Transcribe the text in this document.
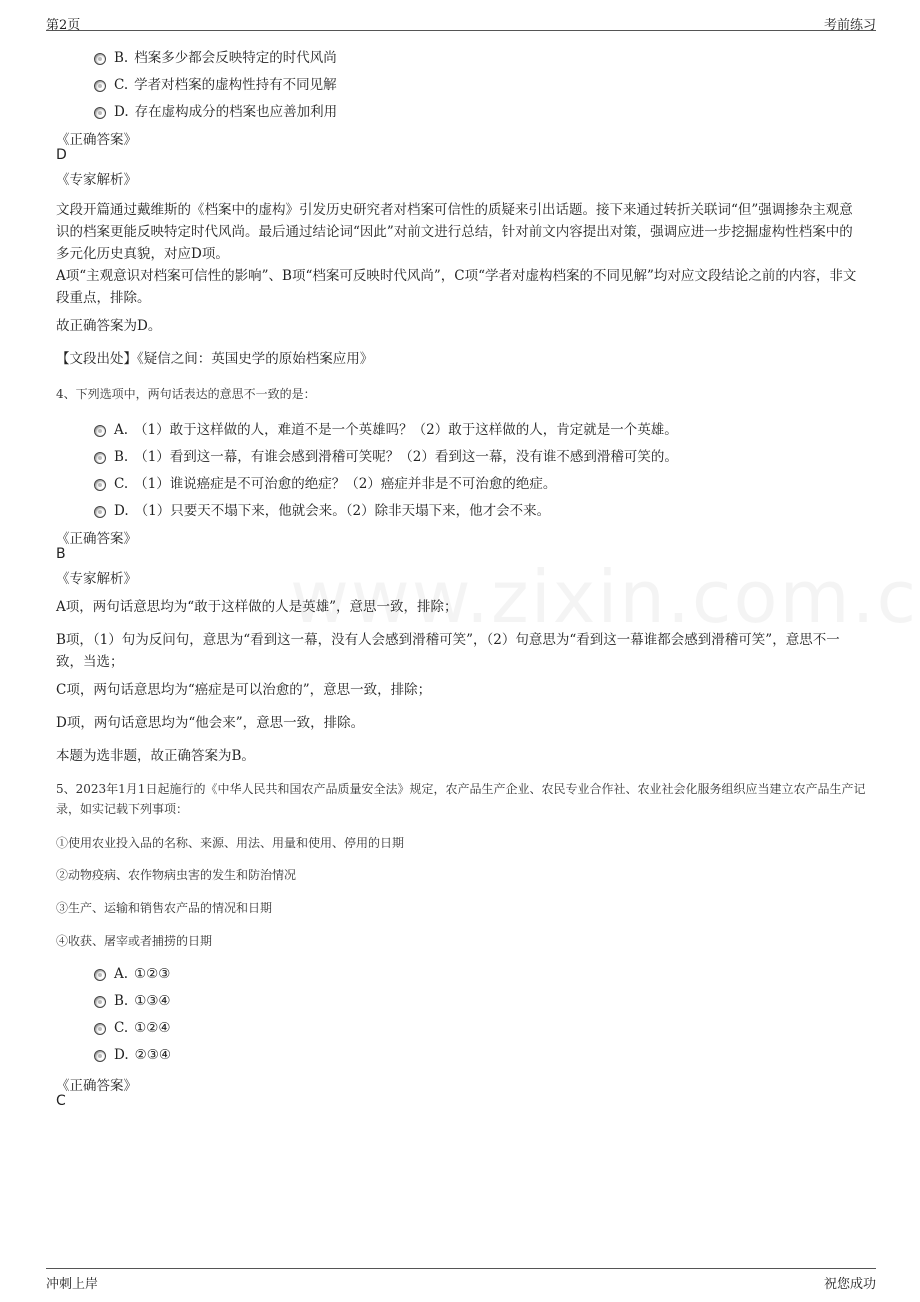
第2页	考前练习
B. 档案多少都会反映特定的时代风尚
C. 学者对档案的虚构性持有不同见解
D. 存在虚构成分的档案也应善加利用
《正确答案》
D
《专家解析》
文段开篇通过戴维斯的《档案中的虚构》引发历史研究者对档案可信性的质疑来引出话题。接下来通过转折关联词“但”强调掺杂主观意识的档案更能反映特定时代风尚。最后通过结论词“因此”对前文进行总结，针对前文内容提出对策，强调应进一步挖掘虚构性档案中的多元化历史真貌，对应D项。
A项“主观意识对档案可信性的影响”、B项“档案可反映时代风尚”，C项“学者对虚构档案的不同见解”均对应文段结论之前的内容，非文段重点，排除。
故正确答案为D。
【文段出处】《疑信之间：英国史学的原始档案应用》
4、下列选项中，两句话表达的意思不一致的是：
A. （1）敢于这样做的人，难道不是一个英雄吗？（2）敢于这样做的人，肯定就是一个英雄。
B. （1）看到这一幕，有谁会感到滑稽可笑呢？（2）看到这一幕，没有谁不感到滑稽可笑的。
C. （1）谁说癌症是不可治愈的绝症？（2）癌症并非是不可治愈的绝症。
D. （1）只要天不塌下来，他就会来。（2）除非天塌下来，他才会不来。
《正确答案》
B
《专家解析》
A项，两句话意思均为“敢于这样做的人是英雄”，意思一致，排除；
B项，（1）句为反问句，意思为“看到这一幕，没有人会感到滑稽可笑”，（2）句意思为“看到这一幕谁都会感到滑稽可笑”，意思不一致，当选；
C项，两句话意思均为“癌症是可以治愈的”，意思一致，排除；
D项，两句话意思均为“他会来”，意思一致，排除。
本题为选非题，故正确答案为B。
5、2023年1月1日起施行的《中华人民共和国农产品质量安全法》规定，农产品生产企业、农民专业合作社、农业社会化服务组织应当建立农产品生产记录，如实记载下列事项：
①使用农业投入品的名称、来源、用法、用量和使用、停用的日期
②动物疫病、农作物病虫害的发生和防治情况
③生产、运输和销售农产品的情况和日期
④收获、屠宰或者捕捞的日期
A. ①②③
B. ①③④
C. ①②④
D. ②③④
《正确答案》
C
冲刺上岸	祝您成功
